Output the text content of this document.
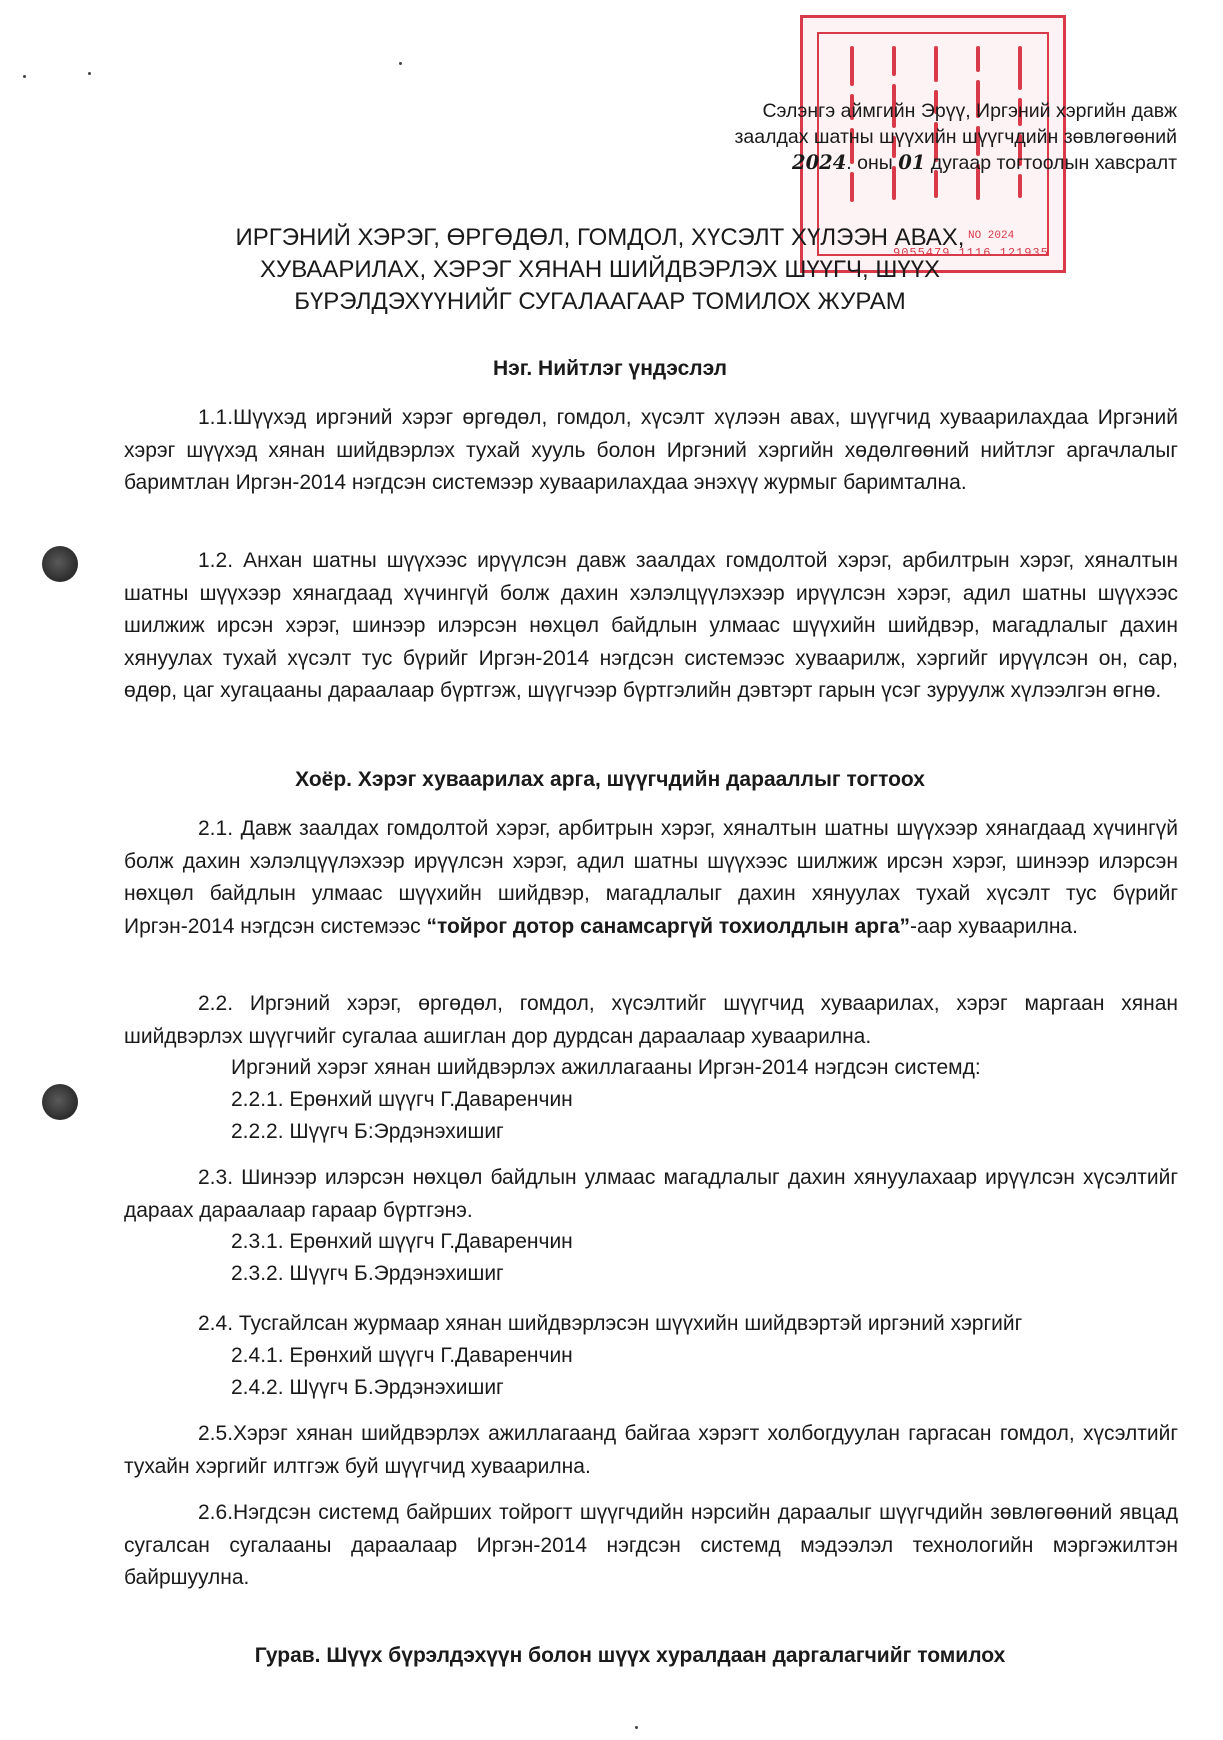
NO 2024
9055479 1116 121935
Сэлэнгэ аймгийн Эрүү, Иргэний хэргийн давж
заалдах шатны шүүхийн шүүгчдийн зөвлөгөөний
2024. оны 01 дугаар тогтоолын хавсралт
ИРГЭНИЙ ХЭРЭГ, ӨРГӨДӨЛ, ГОМДОЛ, ХҮСЭЛТ ХҮЛЭЭН АВАХ,
ХУВААРИЛАХ, ХЭРЭГ ХЯНАН ШИЙДВЭРЛЭХ ШҮҮГЧ, ШҮҮХ
БҮРЭЛДЭХҮҮНИЙГ СУГАЛААГААР ТОМИЛОХ ЖУРАМ
Нэг. Нийтлэг үндэслэл
1.1.Шүүхэд иргэний хэрэг өргөдөл, гомдол, хүсэлт хүлээн авах, шүүгчид хуваарилахдаа Иргэний хэрэг шүүхэд хянан шийдвэрлэх тухай хууль болон Иргэний хэргийн хөдөлгөөний нийтлэг аргачлалыг баримтлан Иргэн-2014 нэгдсэн системээр хуваарилахдаа энэхүү журмыг баримтална.
1.2. Анхан шатны шүүхээс ирүүлсэн давж заалдах гомдолтой хэрэг, арбилтрын хэрэг, хяналтын шатны шүүхээр хянагдаад хүчингүй болж дахин хэлэлцүүлэхээр ирүүлсэн хэрэг, адил шатны шүүхээс шилжиж ирсэн хэрэг, шинээр илэрсэн нөхцөл байдлын улмаас шүүхийн шийдвэр, магадлалыг дахин хянуулах тухай хүсэлт тус бүрийг Иргэн-2014 нэгдсэн системээс хуваарилж, хэргийг ирүүлсэн он, сар, өдөр, цаг хугацааны дараалаар бүртгэж, шүүгчээр бүртгэлийн дэвтэрт гарын үсэг зуруулж хүлээлгэн өгнө.
Хоёр. Хэрэг хуваарилах арга, шүүгчдийн дарааллыг тогтоох
2.1. Давж заалдах гомдолтой хэрэг, арбитрын хэрэг, хяналтын шатны шүүхээр хянагдаад хүчингүй болж дахин хэлэлцүүлэхээр ирүүлсэн хэрэг, адил шатны шүүхээс шилжиж ирсэн хэрэг, шинээр илэрсэн нөхцөл байдлын улмаас шүүхийн шийдвэр, магадлалыг дахин хянуулах тухай хүсэлт тус бүрийг Иргэн-2014 нэгдсэн системээс “тойрог дотор санамсаргүй тохиолдлын арга”-аар хуваарилна.
2.2. Иргэний хэрэг, өргөдөл, гомдол, хүсэлтийг шүүгчид хуваарилах, хэрэг маргаан хянан шийдвэрлэх шүүгчийг сугалаа ашиглан дор дурдсан дараалаар хуваарилна.
Иргэний хэрэг хянан шийдвэрлэх ажиллагааны Иргэн-2014 нэгдсэн системд:
2.2.1. Ерөнхий шүүгч Г.Даваренчин
2.2.2. Шүүгч Б:Эрдэнэхишиг
2.3. Шинээр илэрсэн нөхцөл байдлын улмаас магадлалыг дахин хянуулахаар ирүүлсэн хүсэлтийг дараах дараалаар гараар бүртгэнэ.
2.3.1. Ерөнхий шүүгч Г.Даваренчин
2.3.2. Шүүгч Б.Эрдэнэхишиг
2.4. Тусгайлсан журмаар хянан шийдвэрлэсэн шүүхийн шийдвэртэй иргэний хэргийг
2.4.1. Ерөнхий шүүгч Г.Даваренчин
2.4.2. Шүүгч Б.Эрдэнэхишиг
2.5.Хэрэг хянан шийдвэрлэх ажиллагаанд байгаа хэрэгт холбогдуулан гаргасан гомдол, хүсэлтийг тухайн хэргийг илтгэж буй шүүгчид хуваарилна.
2.6.Нэгдсэн системд байрших тойрогт шүүгчдийн нэрсийн дараалыг шүүгчдийн зөвлөгөөний явцад сугалсан сугалааны дараалаар Иргэн-2014 нэгдсэн системд мэдээлэл технологийн мэргэжилтэн байршуулна.
Гурав. Шүүх бүрэлдэхүүн болон шүүх хуралдаан даргалагчийг томилох
